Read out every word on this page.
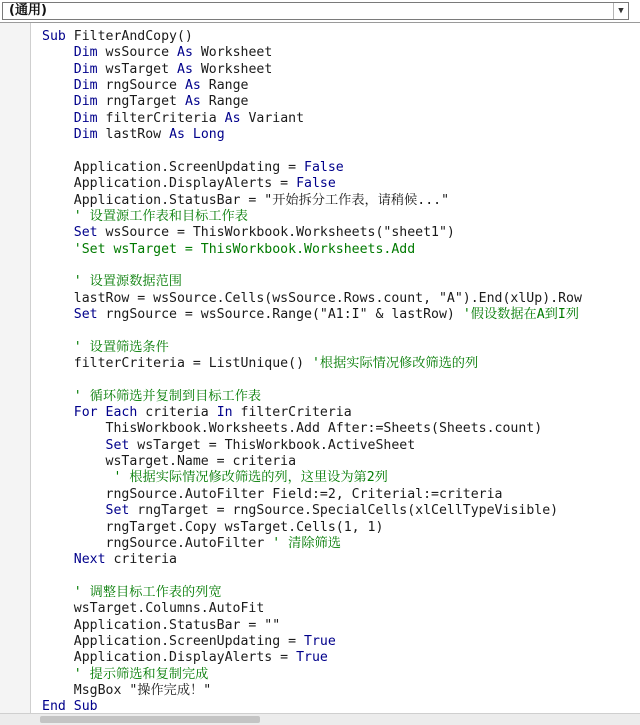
(通用)	▼
Sub FilterAndCopy()
Dim wsSource As Worksheet
Dim wsTarget As Worksheet
Dim rngSource As Range
Dim rngTarget As Range
Dim filterCriteria As Variant
Dim lastRow As Long
Application.ScreenUpdating = False
Application.DisplayAlerts = False
Application.StatusBar = "开始拆分工作表，请稍候..."
' 设置源工作表和目标工作表
Set wsSource = ThisWorkbook.Worksheets("sheet1")
'Set wsTarget = ThisWorkbook.Worksheets.Add
' 设置源数据范围
lastRow = wsSource.Cells(wsSource.Rows.count, "A").End(xlUp).Row
Set rngSource = wsSource.Range("A1:I" & lastRow) '假设数据在A到I列
' 设置筛选条件
filterCriteria = ListUnique() '根据实际情况修改筛选的列
' 循环筛选并复制到目标工作表
For Each criteria In filterCriteria
ThisWorkbook.Worksheets.Add After:=Sheets(Sheets.count)
Set wsTarget = ThisWorkbook.ActiveSheet
wsTarget.Name = criteria
' 根据实际情况修改筛选的列，这里设为第2列
rngSource.AutoFilter Field:=2, Criterial:=criteria
Set rngTarget = rngSource.SpecialCells(xlCellTypeVisible)
rngTarget.Copy wsTarget.Cells(1, 1)
rngSource.AutoFilter ' 清除筛选
Next criteria
' 调整目标工作表的列宽
wsTarget.Columns.AutoFit
Application.StatusBar = ""
Application.ScreenUpdating = True
Application.DisplayAlerts = True
' 提示筛选和复制完成
MsgBox "操作完成！"
End Sub
